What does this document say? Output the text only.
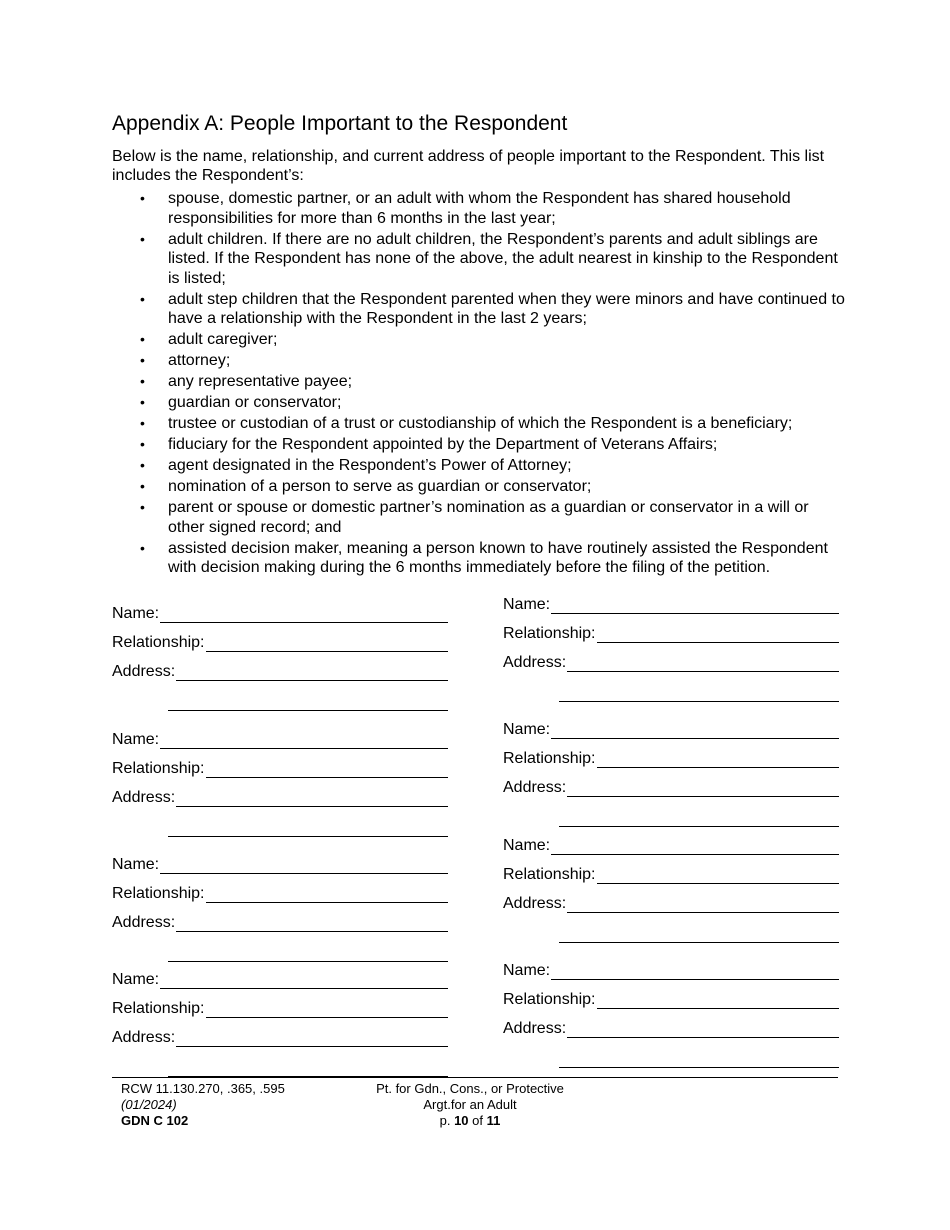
Appendix A: People Important to the Respondent

Below is the name, relationship, and current address of people important to the Respondent. This list includes the Respondent’s:

• spouse, domestic partner, or an adult with whom the Respondent has shared household responsibilities for more than 6 months in the last year;
• adult children. If there are no adult children, the Respondent’s parents and adult siblings are listed. If the Respondent has none of the above, the adult nearest in kinship to the Respondent is listed;
• adult step children that the Respondent parented when they were minors and have continued to have a relationship with the Respondent in the last 2 years;
• adult caregiver;
• attorney;
• any representative payee;
• guardian or conservator;
• trustee or custodian of a trust or custodianship of which the Respondent is a beneficiary;
• fiduciary for the Respondent appointed by the Department of Veterans Affairs;
• agent designated in the Respondent’s Power of Attorney;
• nomination of a person to serve as guardian or conservator;
• parent or spouse or domestic partner’s nomination as a guardian or conservator in a will or other signed record; and
• assisted decision maker, meaning a person known to have routinely assisted the Respondent with decision making during the 6 months immediately before the filing of the petition.
Name:
Relationship:
Address:
Name:
Relationship:
Address:
Name:
Relationship:
Address:
Name:
Relationship:
Address:
Name:
Relationship:
Address:
Name:
Relationship:
Address:
Name:
Relationship:
Address:
Name:
Relationship:
Address:
RCW 11.130.270, .365, .595
(01/2024)
GDN C 102
Pt. for Gdn., Cons., or Protective
Argt.for an Adult
p. 10 of 11
